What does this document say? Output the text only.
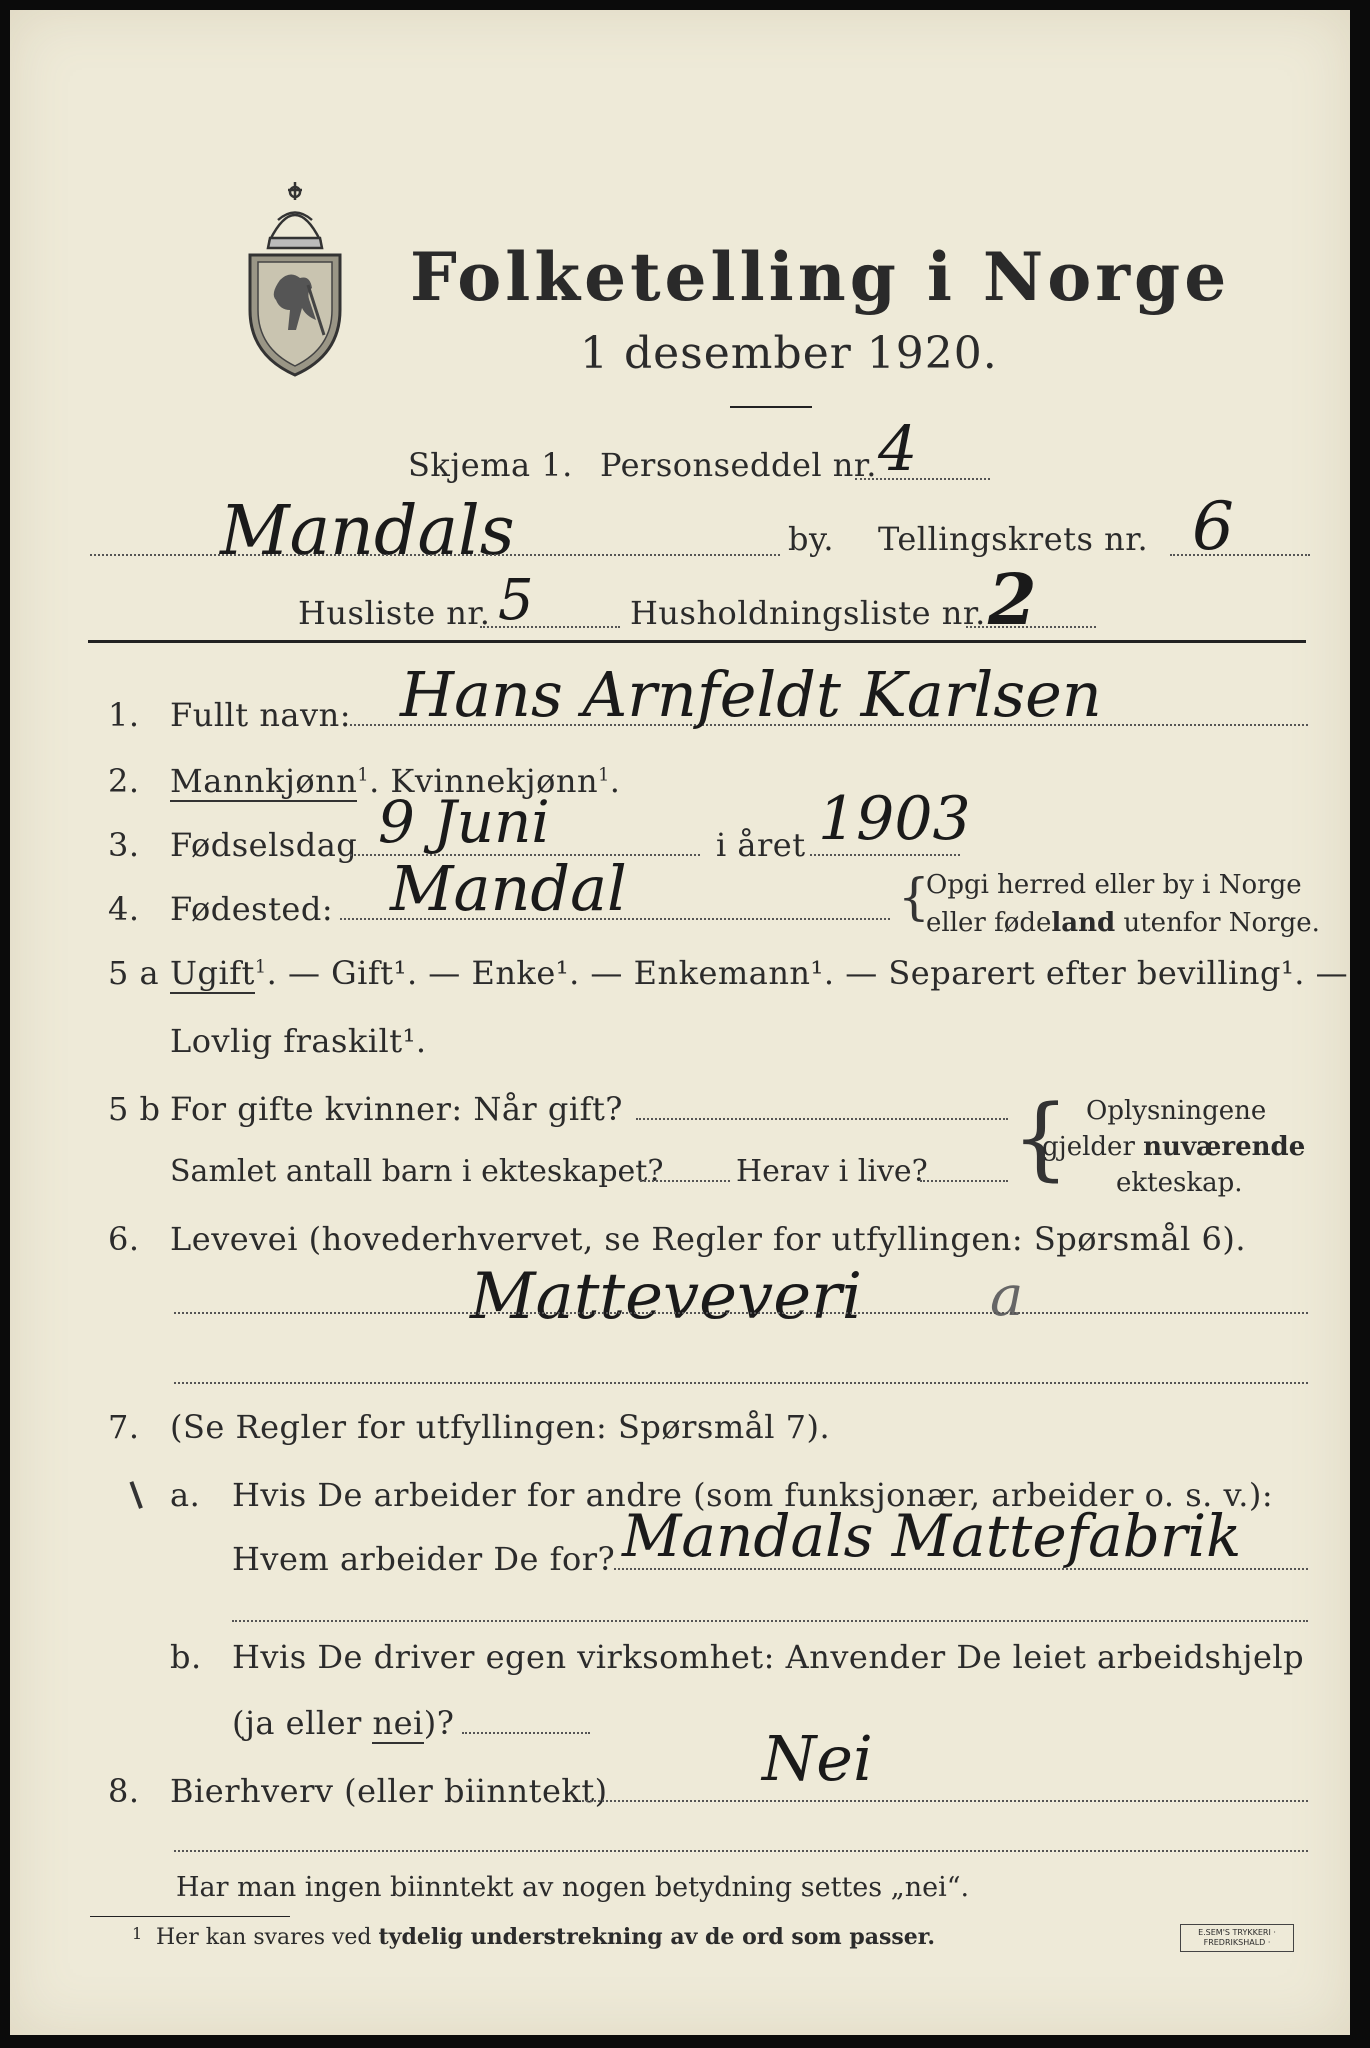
Folketelling i Norge
1 desember 1920.
Skjema 1. Personseddel nr. 4
Mandals	by. Tellingskrets nr. 6
Husliste nr. 5	Husholdningsliste nr. 2
1. Fullt navn: Hans Arnfeldt Karlsen
2. Mannkjønn$^1$. Kvinnekjønn$^1$.
3. Fødselsdag 9 Juni	i året 1903
4. Fødested: Mandal	{
Opgi herred eller by i Norge
eller fødeland utenfor Norge.
5 a Ugift$^1$. — Gift¹. — Enke¹. — Enkemann¹. — Separert efter bevilling¹. —
Lovlig fraskilt¹.
5 b For gifte kvinner: Når gift?
Samlet antall barn i ekteskapet? Herav i live? { Oplysningene
gjelder nuværende
ekteskap.
6. Levevei (hovederhvervet, se Regler for utfyllingen: Spørsmål 6).
Matteveveri a
7. (Se Regler for utfyllingen: Spørsmål 7).
a. Hvis De arbeider for andre (som funksjonær, arbeider o. s. v.):
Hvem arbeider De for? Mandals Mattefabrik
b. Hvis De driver egen virksomhet: Anvender De leiet arbeidshjelp
(ja eller nei)?
8. Bierhverv (eller biinntekt) Nei
Har man ingen biinntekt av nogen betydning settes „nei“.
1 Her kan svares ved tydelig understrekning av de ord som passer.	E.SEM'S TRYKKERI · FREDRIKSHALD ·
